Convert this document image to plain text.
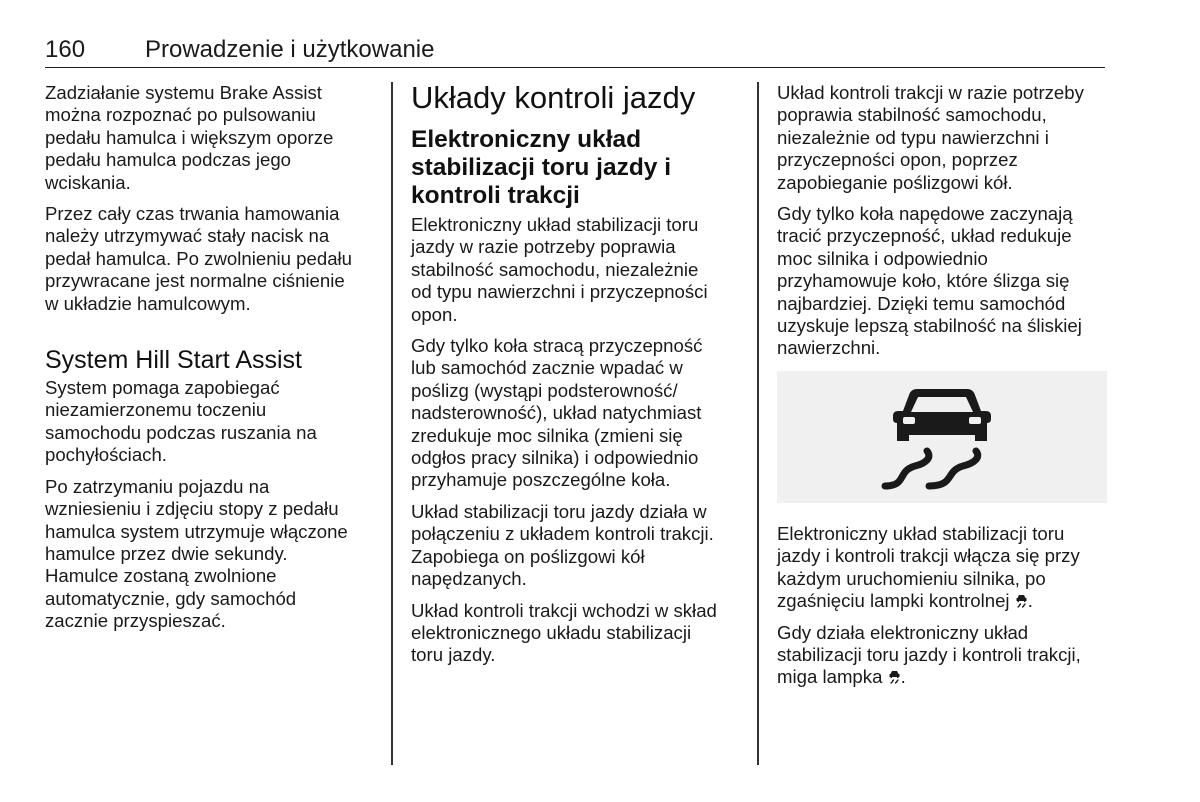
160 Prowadzenie i użytkowanie

Zadziałanie systemu Brake Assist
można rozpoznać po pulsowaniu
pedału hamulca i większym oporze
pedału hamulca podczas jego
wciskania.

Przez cały czas trwania hamowania
należy utrzymywać stały nacisk na
pedał hamulca. Po zwolnieniu pedału
przywracane jest normalne ciśnienie
w układzie hamulcowym.

System Hill Start Assist

System pomaga zapobiegać
niezamierzonemu toczeniu
samochodu podczas ruszania na
pochyłościach.

Po zatrzymaniu pojazdu na
wzniesieniu i zdjęciu stopy z pedału
hamulca system utrzymuje włączone
hamulce przez dwie sekundy.
Hamulce zostaną zwolnione
automatycznie, gdy samochód
zacznie przyspieszać.

Układy kontroli jazdy
Elektroniczny układ
stabilizacji toru jazdy i
kontroli trakcji

Elektroniczny układ stabilizacji toru
jazdy w razie potrzeby poprawia
stabilność samochodu, niezależnie
od typu nawierzchni i przyczepności
opon.

Gdy tylko koła stracą przyczepność
lub samochód zacznie wpadać w
poślizg (wystąpi podsterowność/
nadsterowność), układ natychmiast
zredukuje moc silnika (zmieni się
odgłos pracy silnika) i odpowiednio
przyhamuje poszczególne koła.

Układ stabilizacji toru jazdy działa w
połączeniu z układem kontroli trakcji.
Zapobiega on poślizgowi kół
napędzanych.

Układ kontroli trakcji wchodzi w skład
elektronicznego układu stabilizacji
toru jazdy.

Układ kontroli trakcji w razie potrzeby
poprawia stabilność samochodu,
niezależnie od typu nawierzchni i
przyczepności opon, poprzez
zapobieganie poślizgowi kół.

Gdy tylko koła napędowe zaczynają
tracić przyczepność, układ redukuje
moc silnika i odpowiednio
przyhamowuje koło, które ślizga się
najbardziej. Dzięki temu samochód
uzyskuje lepszą stabilność na śliskiej
nawierzchni.

Elektroniczny układ stabilizacji toru
jazdy i kontroli trakcji włącza się przy
każdym uruchomieniu silnika, po
zgaśnięciu lampki kontrolnej .

Gdy działa elektroniczny układ
stabilizacji toru jazdy i kontroli trakcji,
miga lampka .
